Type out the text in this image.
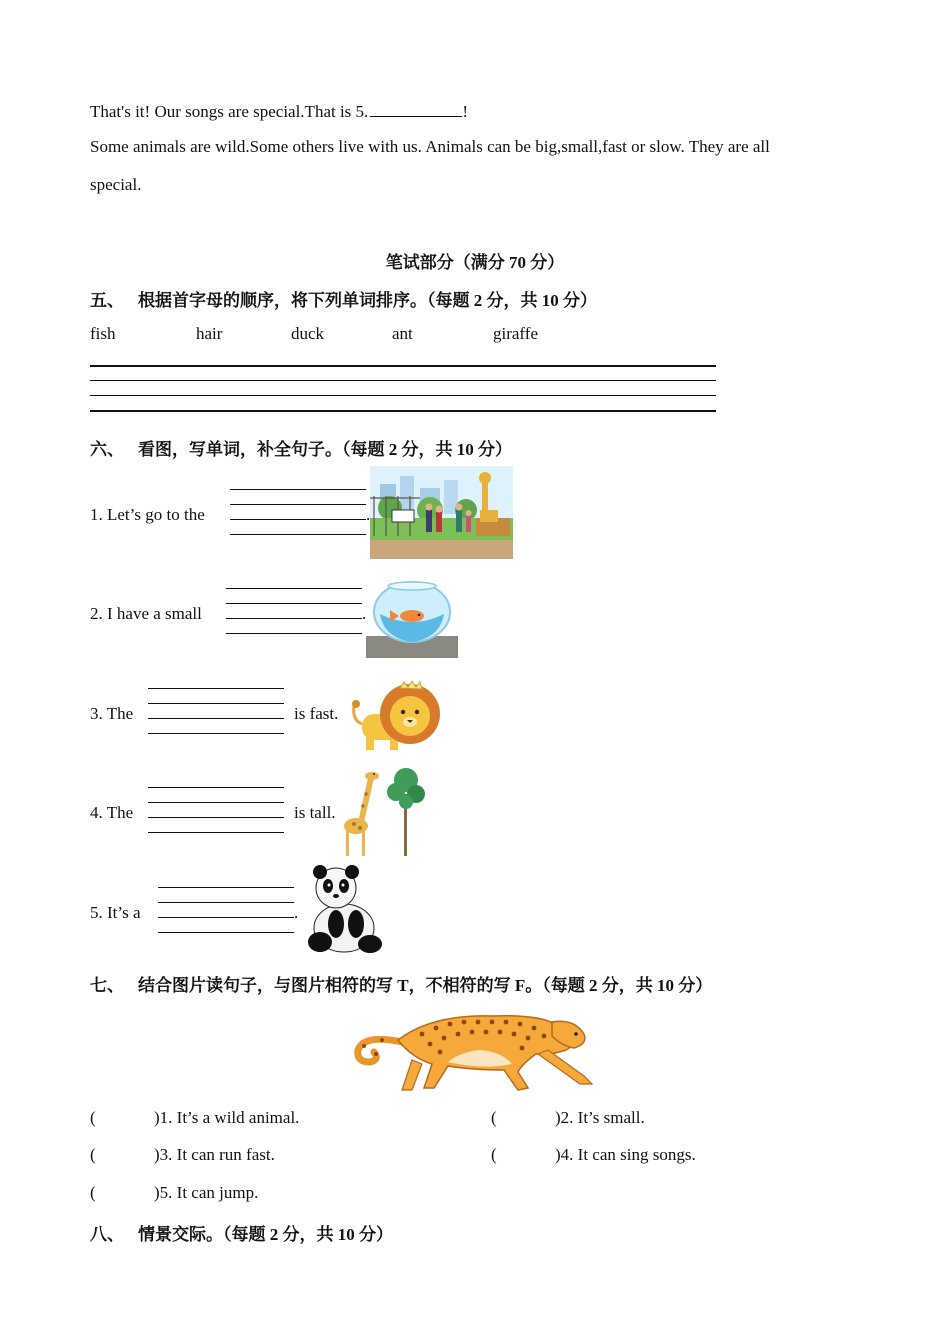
That's it! Our songs are special.That is 5.	!
Some animals are wild.Some others live with us. Animals can be big,small,fast or slow. They are all
special.
笔试部分（满分 70 分）
五、 根据首字母的顺序，将下列单词排序。（每题 2 分，共 10 分）
fish	hair	duck	ant	giraffe
六、 看图，写单词，补全句子。（每题 2 分，共 10 分）
1. Let’s go to the	.
2. I have a small	.
3. The	is fast.
4. The	is tall.
5. It’s a	.
七、 结合图片读句子，与图片相符的写 T，不相符的写 F。（每题 2 分，共 10 分）
(	)1. It’s a wild animal.	(	)2. It’s small.
(	)3. It can run fast.	(	)4. It can sing songs.
(	)5. It can jump.
八、 情景交际。（每题 2 分，共 10 分）
